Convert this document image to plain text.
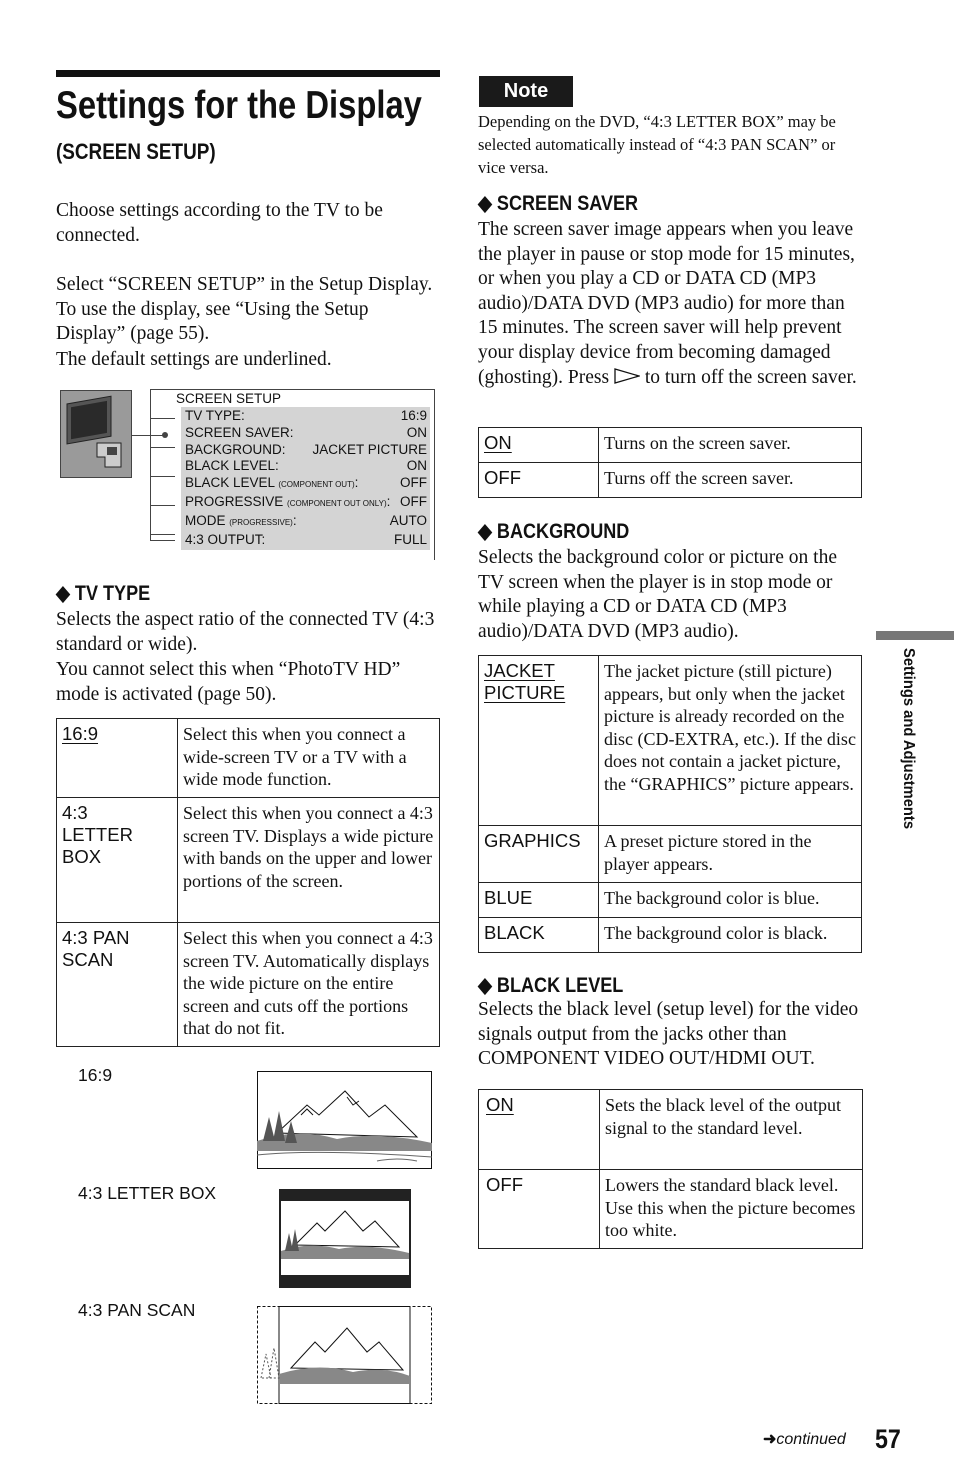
Settings for the Display
(SCREEN SETUP)

Choose settings according to the TV to be connected.

Select “SCREEN SETUP” in the Setup Display. To use the display, see “Using the Setup Display” (page 55).

The default settings are underlined.

SCREEN SETUP
TV TYPE:	16:9
SCREEN SAVER:	ON
BACKGROUND: JACKET PICTURE
BLACK LEVEL:	ON
BLACK LEVEL (COMPONENT OUT):	OFF
PROGRESSIVE (COMPONENT OUT ONLY): OFF
MODE (PROGRESSIVE):	AUTO
4:3 OUTPUT:	FULL
◆ TV TYPE

Selects the aspect ratio of the connected TV (4:3 standard or wide).

You cannot select this when “PhotoTV HD” mode is activated (page 50).

16:9	Select this when you connect a wide-screen TV or a TV with a wide mode function.

4:3 LETTER BOX	Select this when you connect a 4:3 screen TV. Displays a wide picture with bands on the upper and lower portions of the screen.

4:3 PAN SCAN	Select this when you connect a 4:3 screen TV. Automatically displays the wide picture on the entire screen and cuts off the portions that do not fit.
16:9
4:3 LETTER BOX
4:3 PAN SCAN
Note

Depending on the DVD, “4:3 LETTER BOX” may be selected automatically instead of “4:3 PAN SCAN” or vice versa.

◆ SCREEN SAVER

The screen saver image appears when you leave the player in pause or stop mode for 15 minutes, or when you play a CD or DATA CD (MP3 audio)/DATA DVD (MP3 audio) for more than 15 minutes. The screen saver will help prevent your display device from becoming damaged (ghosting). Press to turn off the screen saver.

ON	Turns on the screen saver.
OFF	Turns off the screen saver.
◆ BACKGROUND

Selects the background color or picture on the TV screen when the player is in stop mode or while playing a CD or DATA CD (MP3 audio)/DATA DVD (MP3 audio).

JACKET PICTURE	The jacket picture (still picture) appears, but only when the jacket picture is already recorded on the disc (CD-EXTRA, etc.). If the disc does not contain a jacket picture, the “GRAPHICS” picture appears.
GRAPHICS	A preset picture stored in the player appears.
BLUE	The background color is blue.
BLACK	The background color is black.
◆ BLACK LEVEL

Selects the black level (setup level) for the video signals output from the jacks other than COMPONENT VIDEO OUT/HDMI OUT.

ON	Sets the black level of the output signal to the standard level.
OFF	Lowers the standard black level. Use this when the picture becomes too white.
Settings and Adjustments
➜continued 57
